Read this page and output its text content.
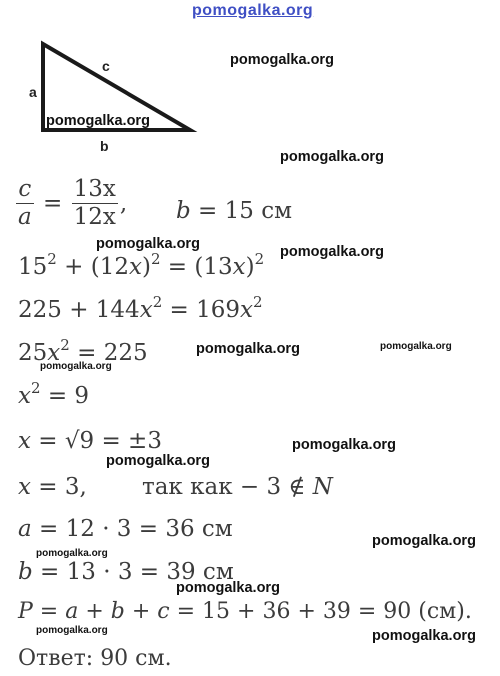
pomogalka.org
a
c
b
pomogalka.org
pomogalka.org
pomogalka.org
pomogalka.org	pomogalka.org
pomogalka.org	pomogalka.org
pomogalka.org
pomogalka.org
pomogalka.org
pomogalka.org
pomogalka.org
pomogalka.org
pomogalka.org	pomogalka.org
$\frac{c}{a} = \frac{13x}{12x}$ , b = 15 см
$15^2 + (12x)^2 = (13x)^2$
$225 + 144x^2 = 169x^2$
$25x^2 = 225$
$x^2 = 9$
x = √9 = ±3
x = 3, так как − 3 ∉ N
a = 12 · 3 = 36 см
b = 13 · 3 = 39 см
P = a + b + c = 15 + 36 + 39 = 90 (см).
Ответ: 90 см.
